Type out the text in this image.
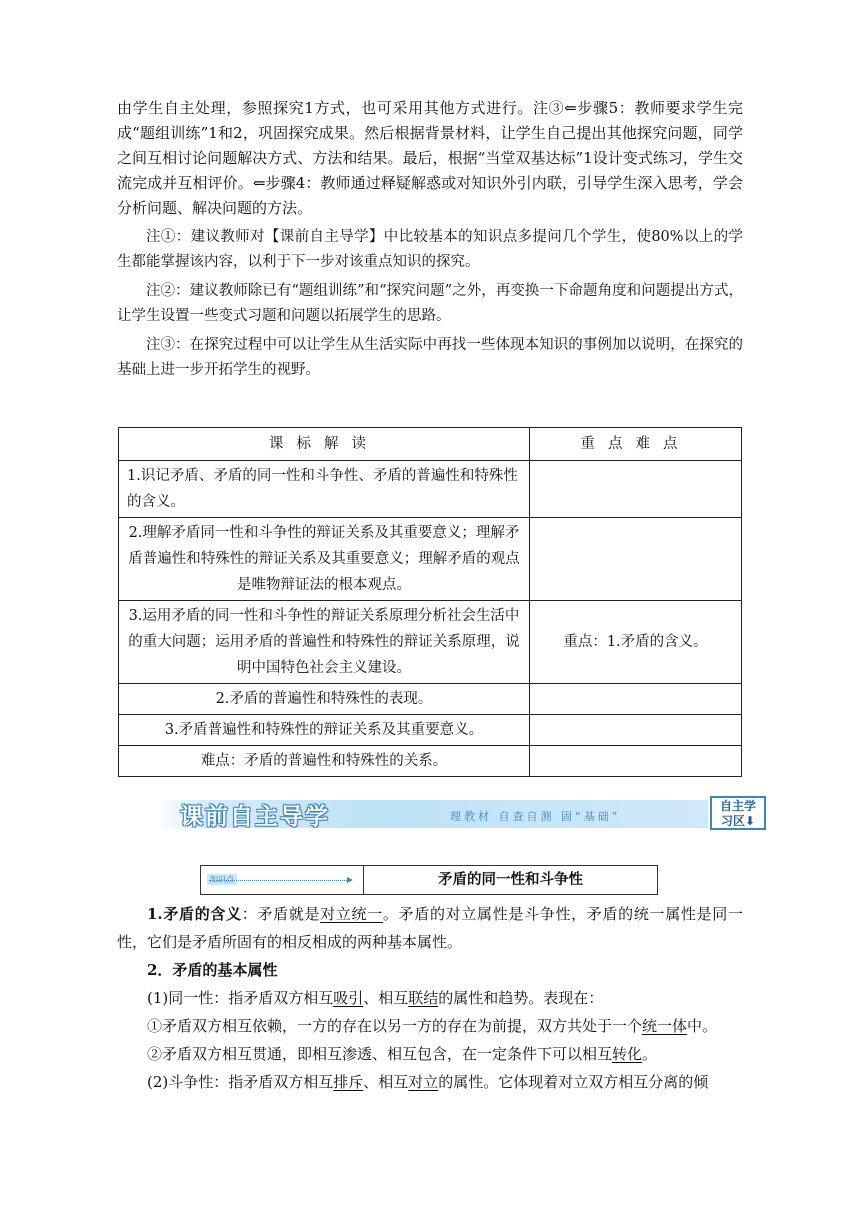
由学生自主处理，参照探究1方式，也可采用其他方式进行。注③⇐步骤5：教师要求学生完成“题组训练”1和2，巩固探究成果。然后根据背景材料，让学生自己提出其他探究问题，同学之间互相讨论问题解决方式、方法和结果。最后，根据“当堂双基达标”1设计变式练习，学生交流完成并互相评价。⇐步骤4：教师通过释疑解惑或对知识外引内联，引导学生深入思考，学会分析问题、解决问题的方法。

注①：建议教师对【课前自主导学】中比较基本的知识点多提问几个学生，使80%以上的学生都能掌握该内容，以利于下一步对该重点知识的探究。

注②：建议教师除已有“题组训练”和“探究问题”之外，再变换一下命题角度和问题提出方式，让学生设置一些变式习题和问题以拓展学生的思路。

注③：在探究过程中可以让学生从生活实际中再找一些体现本知识的事例加以说明，在探究的基础上进一步开拓学生的视野。

课标解读	重点难点
1.识记矛盾、矛盾的同一性和斗争性、矛盾的普遍性和特殊性的含义。	
2.理解矛盾同一性和斗争性的辩证关系及其重要意义；理解矛盾普遍性和特殊性的辩证关系及其重要意义；理解矛盾的观点是唯物辩证法的根本观点。	
3.运用矛盾的同一性和斗争性的辩证关系原理分析社会生活中的重大问题；运用矛盾的普遍性和特殊性的辩证关系原理，说明中国特色社会主义建设。	重点：1.矛盾的含义。
2.矛盾的普遍性和特殊性的表现。	
3.矛盾普遍性和特殊性的辩证关系及其重要意义。	
难点：矛盾的普遍性和特殊性的关系。	
课前自主导学	理教材 自查自测 固“基础”
自主学
习区⬇
知识点	矛盾的同一性和斗争性

1.矛盾的含义：矛盾就是对立统一。矛盾的对立属性是斗争性，矛盾的统一属性是同一性，它们是矛盾所固有的相反相成的两种基本属性。

2．矛盾的基本属性

(1)同一性：指矛盾双方相互吸引、相互联结的属性和趋势。表现在：

①矛盾双方相互依赖，一方的存在以另一方的存在为前提，双方共处于一个统一体中。

②矛盾双方相互贯通，即相互渗透、相互包含，在一定条件下可以相互转化。

(2)斗争性：指矛盾双方相互排斥、相互对立的属性。它体现着对立双方相互分离的倾
